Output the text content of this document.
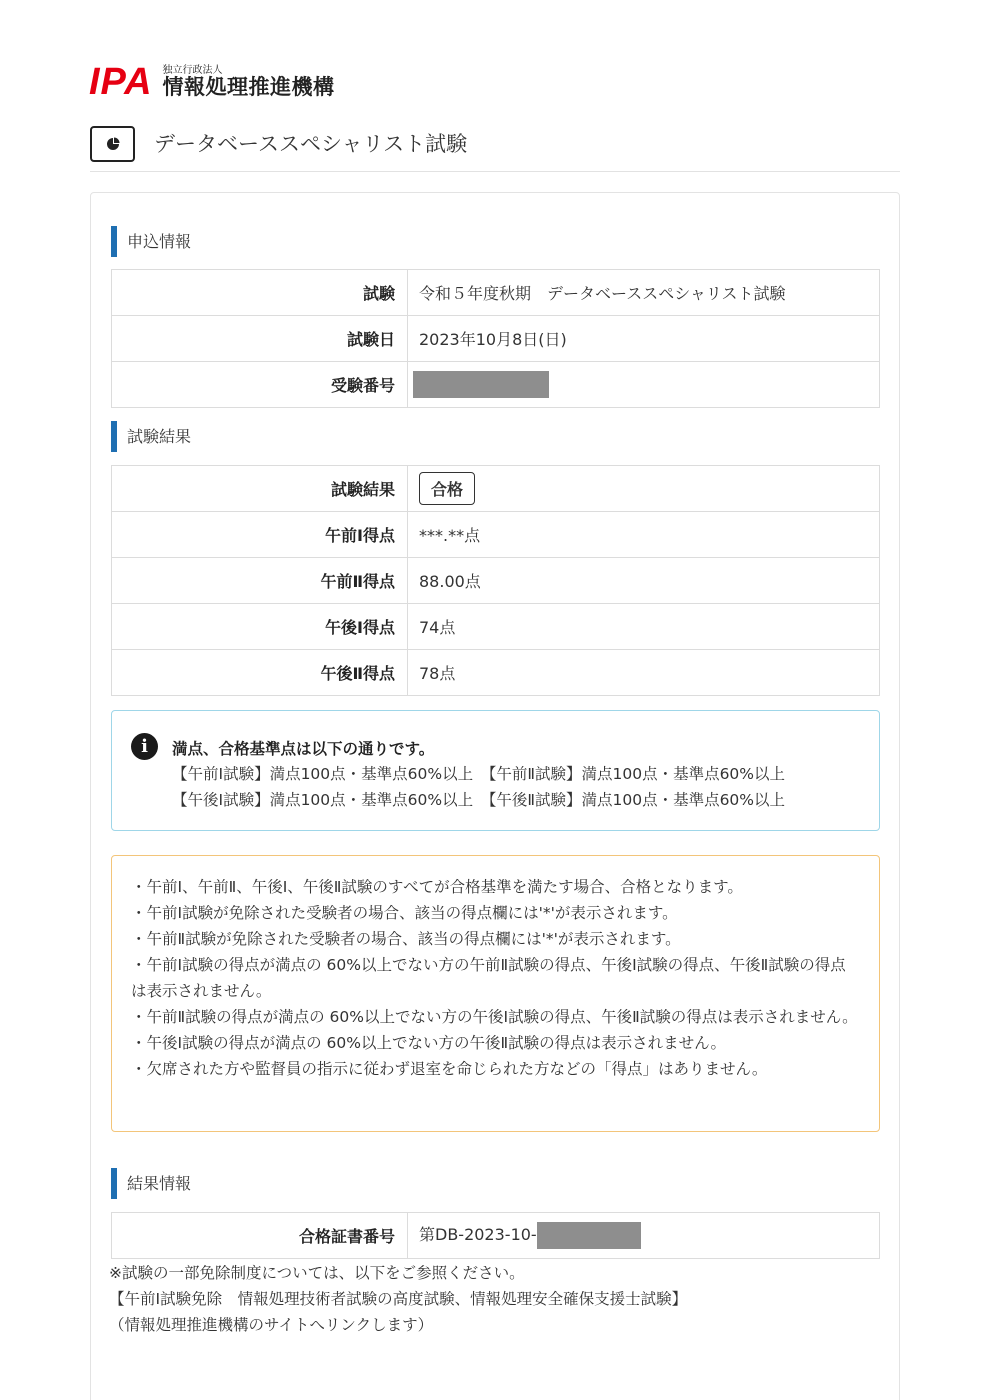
IPA 独立行政法人
情報処理推進機構
データベーススペシャリスト試験
申込情報
試験	令和５年度秋期　データベーススペシャリスト試験
試験日	2023年10月8日(日)
受験番号	
試験結果
試験結果	合格
午前Ⅰ得点	***.**点
午前Ⅱ得点	88.00点
午後Ⅰ得点	74点
午後Ⅱ得点	78点
i	満点、合格基準点は以下の通りです。
【午前Ⅰ試験】満点100点・基準点60%以上　【午前Ⅱ試験】満点100点・基準点60%以上
【午後Ⅰ試験】満点100点・基準点60%以上　【午後Ⅱ試験】満点100点・基準点60%以上
・午前Ⅰ、午前Ⅱ、午後Ⅰ、午後Ⅱ試験のすべてが合格基準を満たす場合、合格となります。
・午前Ⅰ試験が免除された受験者の場合、該当の得点欄には'*'が表示されます。
・午前Ⅱ試験が免除された受験者の場合、該当の得点欄には'*'が表示されます。
・午前Ⅰ試験の得点が満点の 60%以上でない方の午前Ⅱ試験の得点、午後Ⅰ試験の得点、午後Ⅱ試験の得点は表示されません。
・午前Ⅱ試験の得点が満点の 60%以上でない方の午後Ⅰ試験の得点、午後Ⅱ試験の得点は表示されません。
・午後Ⅰ試験の得点が満点の 60%以上でない方の午後Ⅱ試験の得点は表示されません。
・欠席された方や監督員の指示に従わず退室を命じられた方などの「得点」はありません。
結果情報
合格証書番号	第DB-2023-10-
※試験の一部免除制度については、以下をご参照ください。
【午前Ⅰ試験免除　情報処理技術者試験の高度試験、情報処理安全確保支援士試験】
（情報処理推進機構のサイトへリンクします）
